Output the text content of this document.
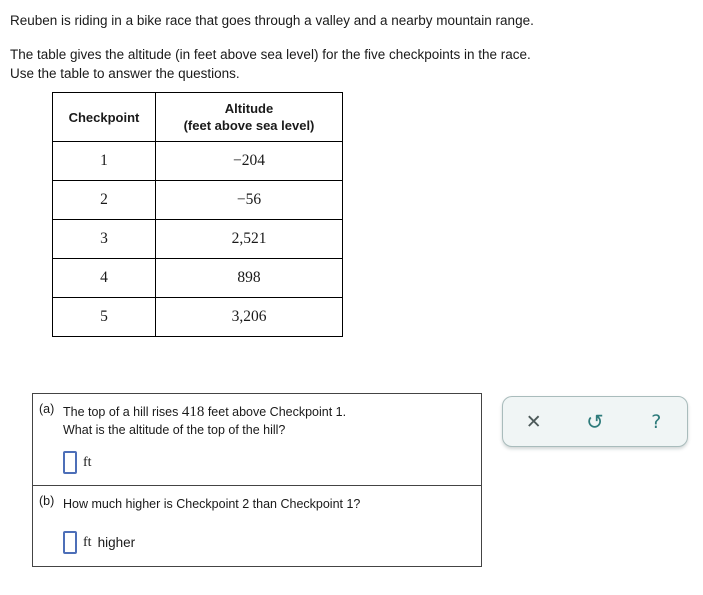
Reuben is riding in a bike race that goes through a valley and a nearby mountain range.
The table gives the altitude (in feet above sea level) for the five checkpoints in the race.
Use the table to answer the questions.
Checkpoint	Altitude
(feet above sea level)
1	−204
2	−56
3	2,521
4	898
5	3,206
(a) The top of a hill rises 418 feet above Checkpoint 1.
What is the altitude of the top of the hill?
ft
(b) How much higher is Checkpoint 2 than Checkpoint 1?
ft higher
✕	↺	?
